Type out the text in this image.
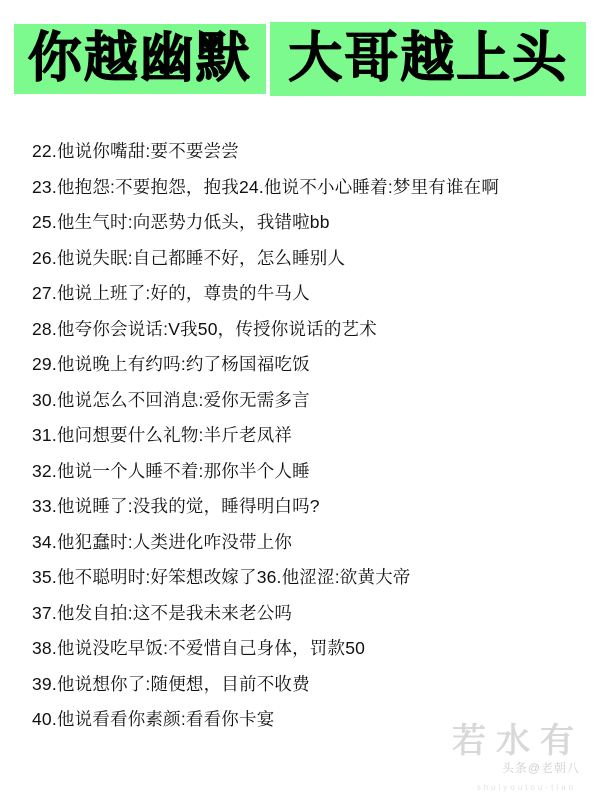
你越幽默 大哥越上头
22.他说你嘴甜:要不要尝尝
23.他抱怨:不要抱怨，抱我24.他说不小心睡着:梦里有谁在啊
25.他生气时:向恶势力低头，我错啦bb
26.他说失眠:自己都睡不好，怎么睡别人
27.他说上班了:好的，尊贵的牛马人
28.他夸你会说话:V我50，传授你说话的艺术
29.他说晚上有约吗:约了杨国福吃饭
30.他说怎么不回消息:爱你无需多言
31.他问想要什么礼物:半斤老凤祥
32.他说一个人睡不着:那你半个人睡
33.他说睡了:没我的觉，睡得明白吗?
34.他犯蠢时:人类进化咋没带上你
35.他不聪明时:好笨想改嫁了36.他涩涩:欲黄大帝
37.他发自拍:这不是我未来老公吗
38.他说没吃早饭:不爱惜自己身体，罚款50
39.他说想你了:随便想，目前不收费
40.他说看看你素颜:看看你卡宴
若水有
头条@老朝八
shuiyoutou-tiao
